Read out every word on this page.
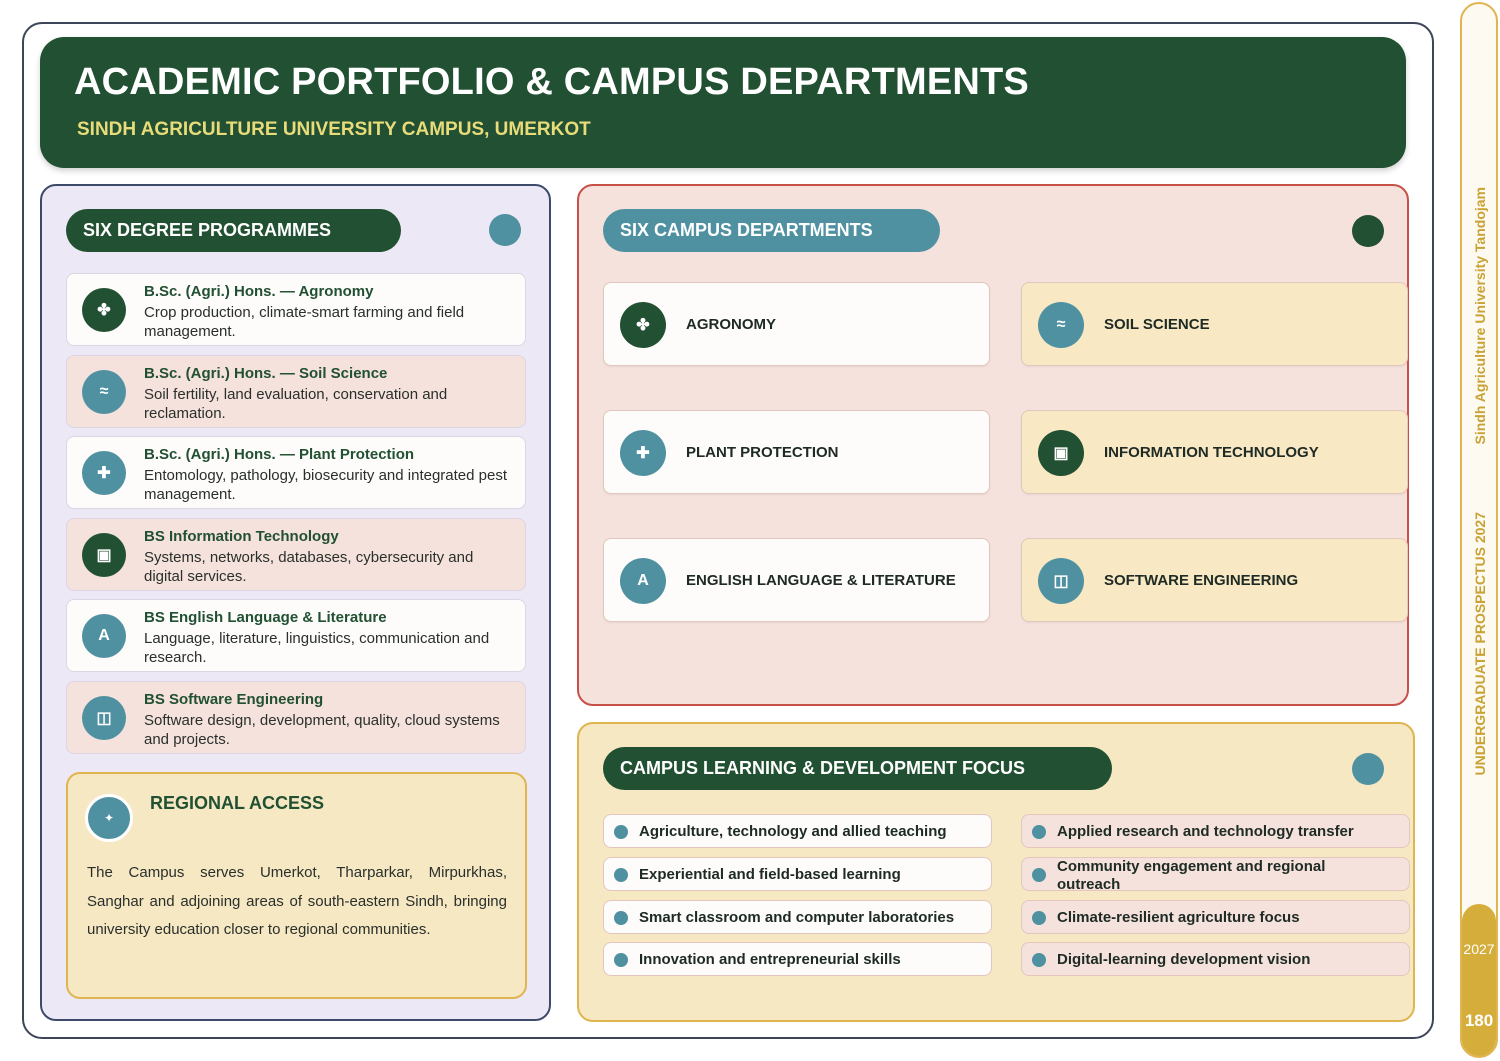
ACADEMIC PORTFOLIO & CAMPUS DEPARTMENTS
SINDH AGRICULTURE UNIVERSITY CAMPUS, UMERKOT
SIX DEGREE PROGRAMMES
✤
B.Sc. (Agri.) Hons. — Agronomy
Crop production, climate-smart farming and field management.
≈
B.Sc. (Agri.) Hons. — Soil Science
Soil fertility, land evaluation, conservation and reclamation.
✚
B.Sc. (Agri.) Hons. — Plant Protection
Entomology, pathology, biosecurity and integrated pest management.
▣
BS Information Technology
Systems, networks, databases, cybersecurity and digital services.
A
BS English Language & Literature
Language, literature, linguistics, communication and research.
◫
BS Software Engineering
Software design, development, quality, cloud systems and projects.
✦
REGIONAL ACCESS

The Campus serves Umerkot, Tharparkar, Mirpurkhas, Sanghar and adjoining areas of south-eastern Sindh, bringing university education closer to regional communities.

SIX CAMPUS DEPARTMENTS
✤	AGRONOMY	≈	SOIL SCIENCE
✚	PLANT PROTECTION	▣	INFORMATION TECHNOLOGY
A	ENGLISH LANGUAGE & LITERATURE	◫	SOFTWARE ENGINEERING
CAMPUS LEARNING & DEVELOPMENT FOCUS
Agriculture, technology and allied teaching
Experiential and field-based learning
Smart classroom and computer laboratories
Innovation and entrepreneurial skills
Applied research and technology transfer
Community engagement and regional outreach
Climate-resilient agriculture focus
Digital-learning development vision
Sindh Agriculture University Tandojam
UNDERGRADUATE PROSPECTUS 2027
2027
180
